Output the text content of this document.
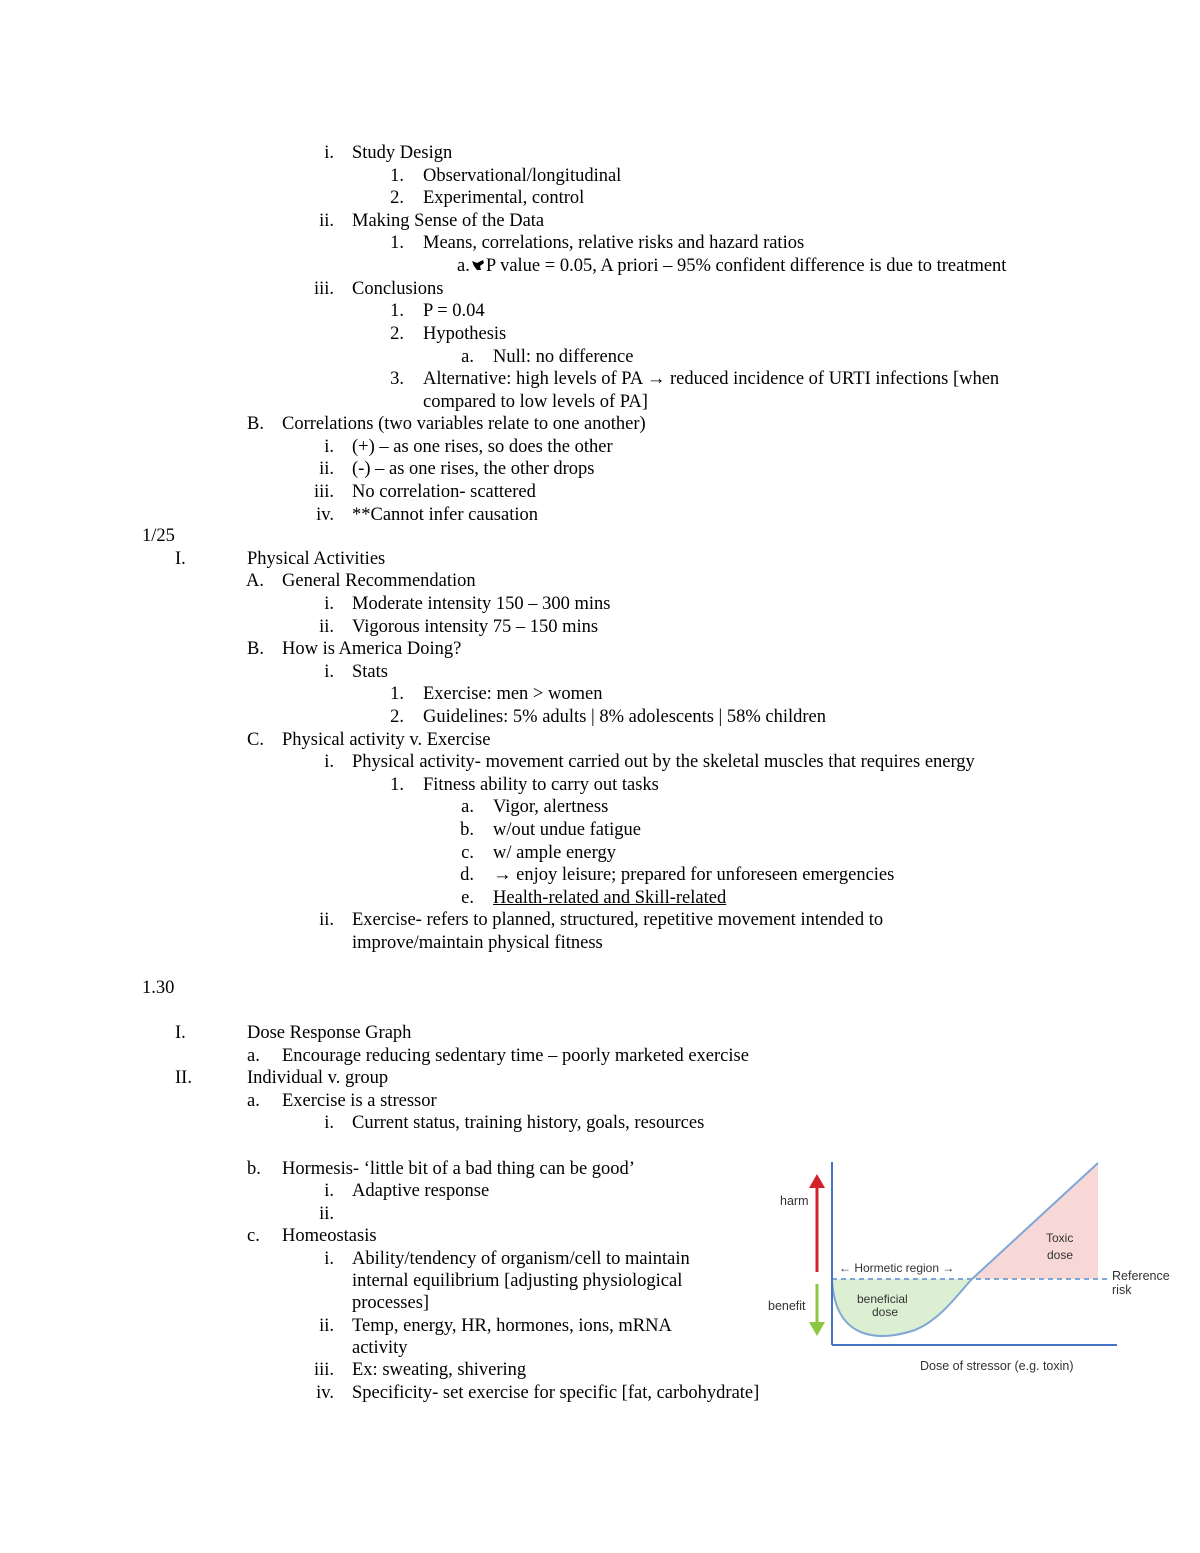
i. Study Design
1. Observational/longitudinal
2. Experimental, control
ii. Making Sense of the Data
1. Means, correlations, relative risks and hazard ratios
a. P value = 0.05, A priori – 95% confident difference is due to treatment
iii. Conclusions
1. P = 0.04
2. Hypothesis
a. Null: no difference
3. Alternative: high levels of PA → reduced incidence of URTI infections [when
compared to low levels of PA]
B. Correlations (two variables relate to one another)
i. (+) – as one rises, so does the other
ii. (-) – as one rises, the other drops
iii. No correlation- scattered
iv. **Cannot infer causation
1/25
I.	Physical Activities
A. General Recommendation
i. Moderate intensity 150 – 300 mins
ii. Vigorous intensity 75 – 150 mins
B. How is America Doing?
i. Stats
1. Exercise: men > women
2. Guidelines: 5% adults | 8% adolescents | 58% children
C. Physical activity v. Exercise
i. Physical activity- movement carried out by the skeletal muscles that requires energy
1. Fitness ability to carry out tasks
a. Vigor, alertness
b. w/out undue fatigue
c. w/ ample energy
d. → enjoy leisure; prepared for unforeseen emergencies
e. Health-related and Skill-related
ii. Exercise- refers to planned, structured, repetitive movement intended to
improve/maintain physical fitness
1.30
I.	Dose Response Graph
a. Encourage reducing sedentary time – poorly marketed exercise
II.	Individual v. group
a. Exercise is a stressor
i. Current status, training history, goals, resources
b. Hormesis- ‘little bit of a bad thing can be good’
i. Adaptive response
ii.
c. Homeostasis
i. Ability/tendency of organism/cell to maintain
internal equilibrium [adjusting physiological
processes]
ii. Temp, energy, HR, hormones, ions, mRNA
activity
iii. Ex: sweating, shivering
iv. Specificity- set exercise for specific [fat, carbohydrate]
harm
benefit
← Hormetic region →
Toxic
dose
beneficial
dose
Reference
risk
Dose of stressor (e.g. toxin)
